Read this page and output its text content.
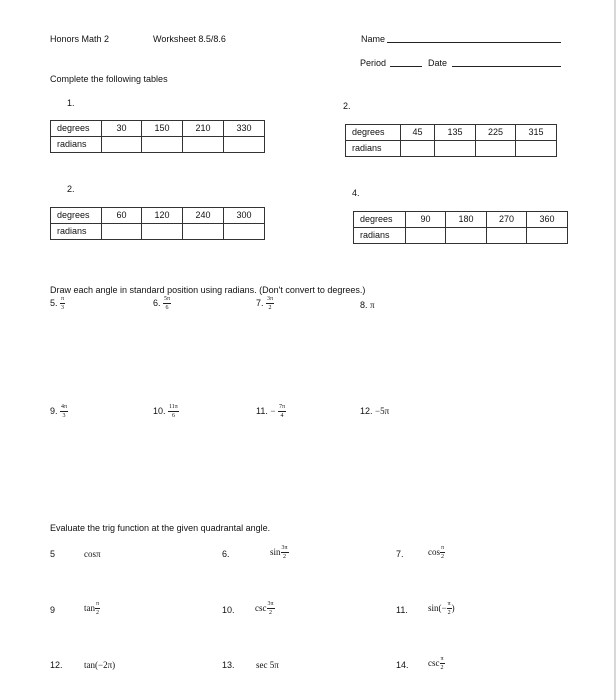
Honors Math 2	Worksheet 8.5/8.6	Name
Period	Date
Complete the following tables
1.
degrees	30	150	210	330
radians				
2.
degrees	45	135	225	315
radians				
2.
degrees	60	120	240	300
radians				
4.
degrees	90	180	270	360
radians				
Draw each angle in standard position using radians. (Don't convert to degrees.)
5. $\frac{\pi}{3}$	6. $\frac{5\pi}{6}$	7. $\frac{3\pi}{2}$	8. π
9. $\frac{4\pi}{3}$	10. $\frac{11\pi}{6}$	11. − $\frac{7\pi}{4}$	12. −5π
Evaluate the trig function at the given quadrantal angle.
5	cosπ	6.	$\sin \frac{3\pi}{2}$	7.	$\cos \frac{\pi}{2}$
9	$\tan \frac{\pi}{2}$	10. $\csc \frac{3\pi}{2}$	11. $\sin(- \frac{\pi}{2}$ )
12. tan(−2π)	13. sec 5π	14. $\csc \frac{\pi}{2}$
